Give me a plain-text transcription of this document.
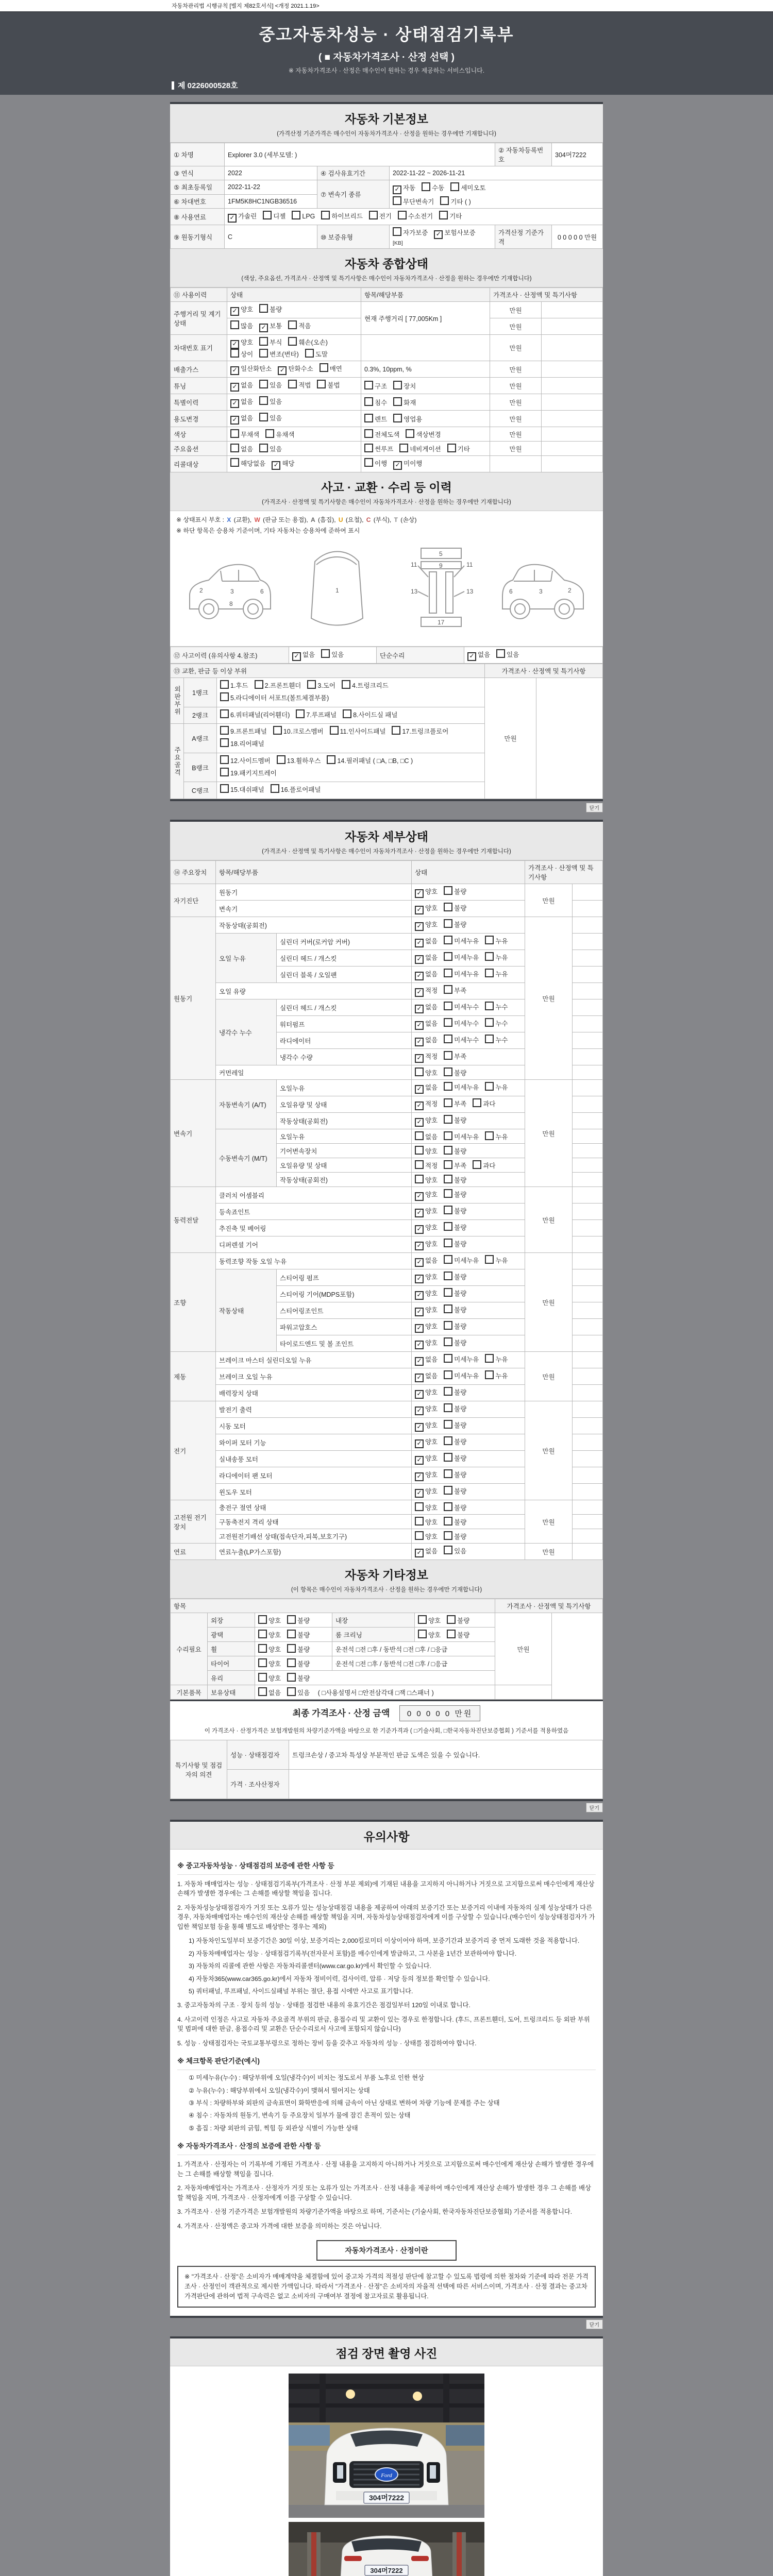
자동차관리법 시행규칙 [별지 제82호서식] <개정 2021.1.19>
중고자동차성능 · 상태점검기록부
( ■ 자동차가격조사 · 산정 선택 )
※ 자동차가격조사 · 산정은 매수인이 원하는 경우 제공하는 서비스입니다.
제 0226000528호
자동차 기본정보
(가격산정 기준가격은 매수인이 자동차가격조사 · 산정을 원하는 경우에만 기재합니다)
① 차명	Explorer 3.0 (세부모델: )			② 자동차등록번호	304머7222
③ 연식	2022	④ 검사유효기간	2022-11-22 ~ 2026-11-21		
⑤ 최초등록일	2022-11-22	⑦ 변속기 종류	✓ 자동 수동 세미오토
무단변속기 기타 ( )		

⑥ 차대번호	1FM5K8HC1NGB36516				
⑧ 사용연료	✓ 가솔린 디젤 LPG 하이브리드 전기 수소전기 기타				
⑨ 원동기형식	C	⑩ 보증유형	자가보증 ✓ 보험사보증 [KB]	가격산정 기준가격	0 0 0 0 0 만원
자동차 종합상태
(색상, 주요옵션, 가격조사 · 산정액 및 특기사항은 매수인이 자동차가격조사 · 산정을 원하는 경우에만 기재합니다)
⑪ 사용이력	상태	항목/해당부품	가격조사 · 산정액 및 특기사항	
주행거리 및 계기상태	✓ 양호 불량	현재 주행거리 [ 77,005Km ]	만원	
	많음 ✓ 보통 적음		만원	
차대번호 표기	✓ 양호 부식 훼손(오손)상이 변조(변타) 도말		만원	
배출가스	✓ 일산화탄소 ✓ 탄화수소 매연	0.3%, 10ppm, %	만원	
튜닝	✓ 없음 있음 적법 불법	구조 장치	만원	
특별이력	✓ 없음 있음	침수 화재	만원	
용도변경	✓ 없음 있음	렌트 영업용	만원	
색상	무채색 유채색	전체도색 색상변경	만원	
주요옵션	없음 있음	썬루프 네비게이션 기타	만원	
리콜대상	해당없음 ✓ 해당	이행 ✓ 미이행		
사고 · 교환 · 수리 등 이력
(가격조사 · 산정액 및 특기사항은 매수인이 자동차가격조사 · 산정을 원하는 경우에만 기재합니다)
※ 상태표시 부호 : X (교환), W (판금 또는 용접), A (흠집), U (요철), C (부식), T (손상)
※ 하단 항목은 승용차 기준이며, 기타 자동차는 승용차에 준하여 표시
2	3	6
8
1
5
9
11	11
13	13
17
2
3
6
⑫ 사고이력 (유의사항 4.참조)	✓ 없음	있음	단순수리	✓ 없음	있음
⑬ 교환, 판금 등 이상 부위			가격조사 · 산정액 및 특기사항	
외판부위	1랭크	1.후드 2.프론트휀더 3.도어 4.트렁크리드5.라디에이터 서포트(볼트체결부품)	만원	
	2랭크	6.쿼터패널(리어휀더) 7.루프패널 8.사이드실 패널		
주요골격	A랭크	9.프론트패널 10.크로스멤버 11.인사이드패널 17.트렁크플로어18.리어패널		
	B랭크	12.사이드멤버 13.휠하우스 14.필러패널 ( □A, □B, □C )19.패키지트레이		
	C랭크	15.대쉬패널 16.플로어패널		
닫기
자동차 세부상태
(가격조사 · 산정액 및 특기사항은 매수인이 자동차가격조사 · 산정을 원하는 경우에만 기재합니다)
⑭ 주요장치	항목/해당부품		상태	가격조사 · 산정액 및 특기사항	
자기진단	원동기		✓ 양호 불량	만원	
	변속기		✓ 양호 불량		
원동기	작동상태(공회전)		✓ 양호 불량	만원	
	오일 누유	실린더 커버(로커암 커버)	✓ 없음 미세누유 누유		
		실린더 헤드 / 개스킷	✓ 없음 미세누유 누유		
		실린더 블록 / 오일팬	✓ 없음 미세누유 누유		
	오일 유량		✓ 적정 부족		
	냉각수 누수	실린더 헤드 / 개스킷	✓ 없음 미세누수 누수		
		워터펌프	✓ 없음 미세누수 누수		
		라디에이터	✓ 없음 미세누수 누수		
		냉각수 수량	✓ 적정 부족		
	커먼레일		양호 불량		
변속기	자동변속기 (A/T)	오일누유	✓ 없음 미세누유 누유	만원	
		오일유량 및 상태	✓ 적정 부족 과다		
		작동상태(공회전)	✓ 양호 불량		
	수동변속기 (M/T)	오일누유	없음 미세누유 누유		
		기어변속장치	양호 불량		
		오일유량 및 상태	적정 부족 과다		
		작동상태(공회전)	양호 불량		
동력전달	클러치 어셈블리		✓ 양호 불량	만원	
	등속죠인트		✓ 양호 불량		
	추진축 및 베어링		✓ 양호 불량		
	디퍼렌셜 기어		✓ 양호 불량		
조향	동력조향 작동 오일 누유		✓ 없음 미세누유 누유	만원	
	작동상태	스티어링 펌프	✓ 양호 불량		
		스티어링 기어(MDPS포함)	✓ 양호 불량		
		스티어링조인트	✓ 양호 불량		
		파워고압호스	✓ 양호 불량		
		타이로드엔드 및 볼 조인트	✓ 양호 불량		
제동	브레이크 마스터 실린더오일 누유		✓ 없음 미세누유 누유	만원	
	브레이크 오일 누유		✓ 없음 미세누유 누유		
	배력장치 상태		✓ 양호 불량		
전기	발전기 출력		✓ 양호 불량	만원	
	시동 모터		✓ 양호 불량		
	와이퍼 모터 기능		✓ 양호 불량		
	실내송풍 모터		✓ 양호 불량		
	라디에이터 팬 모터		✓ 양호 불량		
	윈도우 모터		✓ 양호 불량		
고전원 전기장치	충전구 절연 상태		양호 불량	만원	
	구동축전지 격리 상태		양호 불량		
	고전원전기배선 상태(접속단자,피복,보호기구)		양호 불량		
연료	연료누출(LP가스포함)		✓ 없음 있음	만원	
자동차 기타정보
(이 항목은 매수인이 자동차가격조사 · 산정을 원하는 경우에만 기재합니다)
항목					가격조사 · 산정액 및 특기사항	
수리필요	외장	양호 불량	내장	양호 불량	만원	
	광택	양호 불량	룸 크리닝	양호 불량		
	휠	양호 불량	운전석 □전 □후 / 동반석 □전 □후 / □응급			
	타이어	양호 불량	운전석 □전 □후 / 동반석 □전 □후 / □응급			
	유리	양호 불량				
기본품목	보유상태	없음 있음 ( □사용설명서 □안전삼각대 □잭 □스패너 )				
최종 가격조사 · 산정 금액 0 0 0 0 0 만원
이 가격조사 · 산정가격은 보험개발원의 차량기준가액을 바탕으로 한 기준가격과 ( □기술사회, □한국자동차진단보증협회 ) 기준서를 적용하였음
특기사항 및 점검자의 의견	성능 · 상태점검자	트렁크손상 / 중고차 특성상 부분적인 판금 도색은 있을 수 있습니다.
	가격 · 조사산정자	
닫기
유의사항
※ 중고자동차성능 · 상태점검의 보증에 관한 사항 등
1. 자동차 매매업자는 성능 · 상태점검기록부(가격조사 · 산정 부분 제외)에 기재된 내용을 고지하지 아니하거나 거짓으로 고지함으로써 매수인에게 재산상 손해가 발생한 경우에는 그 손해를 배상할 책임을 집니다.
2. 자동차성능상태점검자가 거짓 또는 오류가 있는 성능상태점검 내용을 제공하여 아래의 보증기간 또는 보증거리 이내에 자동차의 실제 성능상태가 다른 경우, 자동차매매업자는 매수인의 재산상 손해를 배상할 책임을 지며, 자동차성능상태점검자에게 이를 구상할 수 있습니다.(매수인이 성능상태점검자가 가입한 책임보험 등을 통해 별도로 배상받는 경우는 제외)
1) 자동차인도일부터 보증기간은 30일 이상, 보증거리는 2,000킬로미터 이상이어야 하며, 보증기간과 보증거리 중 먼저 도래한 것을 적용합니다.
2) 자동차매매업자는 성능 · 상태점검기록부(전자문서 포함)를 매수인에게 발급하고, 그 사본을 1년간 보관하여야 합니다.
3) 자동차의 리콜에 관한 사항은 자동차리콜센터(www.car.go.kr)에서 확인할 수 있습니다.
4) 자동차365(www.car365.go.kr)에서 자동차 정비이력, 검사이력, 압류 · 저당 등의 정보를 확인할 수 있습니다.
5) 쿼터패널, 루프패널, 사이드실패널 부위는 절단, 용접 시에만 사고로 표기합니다.
3. 중고자동차의 구조 · 장치 등의 성능 · 상태를 점검한 내용의 유효기간은 점검일부터 120일 이내로 합니다.
4. 사고이력 인정은 사고로 자동차 주요골격 부위의 판금, 용접수리 및 교환이 있는 경우로 한정합니다. (후드, 프론트휀더, 도어, 트렁크리드 등 외판 부위 및 범퍼에 대한 판금, 용접수리 및 교환은 단순수리로서 사고에 포함되지 않습니다)
5. 성능 · 상태점검자는 국토교통부령으로 정하는 장비 등을 갖추고 자동차의 성능 · 상태를 점검하여야 합니다.
※ 체크항목 판단기준(예시)
① 미세누유(누수) : 해당부위에 오일(냉각수)이 비치는 정도로서 부품 노후로 인한 현상
② 누유(누수) : 해당부위에서 오일(냉각수)이 맺혀서 떨어지는 상태
③ 부식 : 차량하부와 외판의 금속표면이 화학반응에 의해 금속이 아닌 상태로 변하여 차량 기능에 문제를 주는 상태
④ 침수 : 자동차의 원동기, 변속기 등 주요장치 일부가 물에 잠긴 흔적이 있는 상태
⑤ 흠집 : 차량 외판의 긁힘, 찍힘 등 외관상 식별이 가능한 상태
※ 자동차가격조사 · 산정의 보증에 관한 사항 등
1. 가격조사 · 산정자는 이 기록부에 기재된 가격조사 · 산정 내용을 고지하지 아니하거나 거짓으로 고지함으로써 매수인에게 재산상 손해가 발생한 경우에는 그 손해를 배상할 책임을 집니다.
2. 자동차매매업자는 가격조사 · 산정자가 거짓 또는 오류가 있는 가격조사 · 산정 내용을 제공하여 매수인에게 재산상 손해가 발생한 경우 그 손해를 배상할 책임을 지며, 가격조사 · 산정자에게 이를 구상할 수 있습니다.
3. 가격조사 · 산정 기준가격은 보험개발원의 차량기준가액을 바탕으로 하며, 기준서는 (기술사회, 한국자동차진단보증협회) 기준서를 적용합니다.
4. 가격조사 · 산정액은 중고차 가격에 대한 보증을 의미하는 것은 아닙니다.
자동차가격조사 · 산정이란
※ "가격조사 · 산정"은 소비자가 매매계약을 체결함에 있어 중고차 가격의 적절성 판단에 참고할 수 있도록 법령에 의한 절차와 기준에 따라 전문 가격조사 · 산정인이 객관적으로 제시한 가액입니다. 따라서 "가격조사 · 산정"은 소비자의 자율적 선택에 따른 서비스이며, 가격조사 · 산정 결과는 중고차 가격판단에 관하여 법적 구속력은 없고 소비자의 구매여부 결정에 참고자료로 활용됩니다.
닫기
점검 장면 촬영 사진
Ford
304머7222
304머7222
